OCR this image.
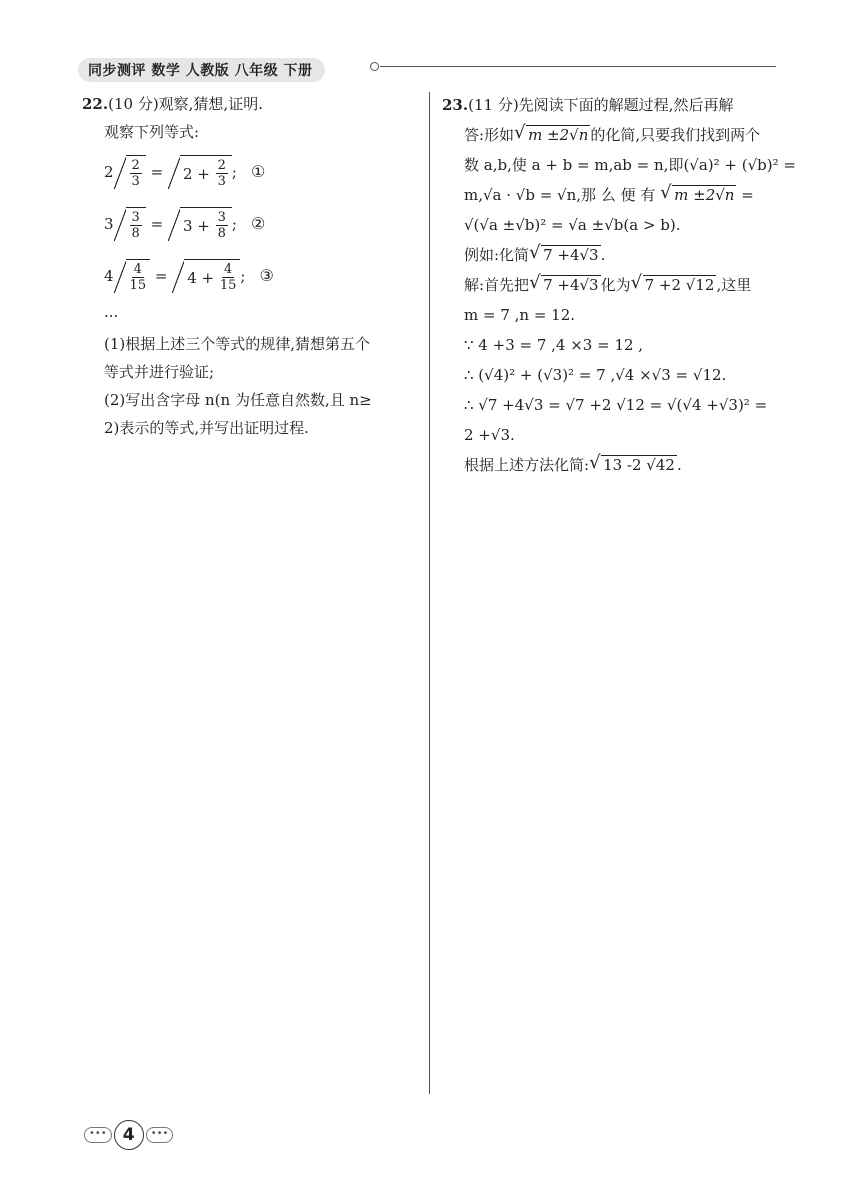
同步测评 数学 人教版 八年级 下册
22.(10 分)观察,猜想,证明.
观察下列等式:
$2 \frac{2}{3} = 2$ +
$\frac{2}{3}$ ; ①
$3 \frac{3}{8} = 3$ +
$\frac{3}{8}$ ; ②
$4 \frac{4}{15} = 4$ +
$\frac{4}{15}$ ; ③
···
(1)根据上述三个等式的规律,猜想第五个
等式并进行验证;
(2)写出含字母 n(n 为任意自然数,且 n≥
2)表示的等式,并写出证明过程.
23.(11 分)先阅读下面的解题过程,然后再解
答:形如 √ m ±2√n 的化简,只要我们找到两个
数 a,b,使 a + b = m,ab = n,即(√a)² + (√b)² =
m,√a · √b = √n,那 么 便 有 √ m ±2√n =
√(√a ±√b)² = √a ±√b(a > b).
例如:化简 √ 7 +4√3 .
解:首先把 √ 7 +4√3 化为 √ 7 +2 √12 ,这里
m = 7 ,n = 12.
∵ 4 +3 = 7 ,4 ×3 = 12 ,
∴ (√4)² + (√3)² = 7 ,√4 ×√3 = √12.
∴ √7 +4√3 = √7 +2 √12 = √(√4 +√3)² =
2 +√3.
根据上述方法化简: √ 13 -2 √42 .
••• 4	•••
